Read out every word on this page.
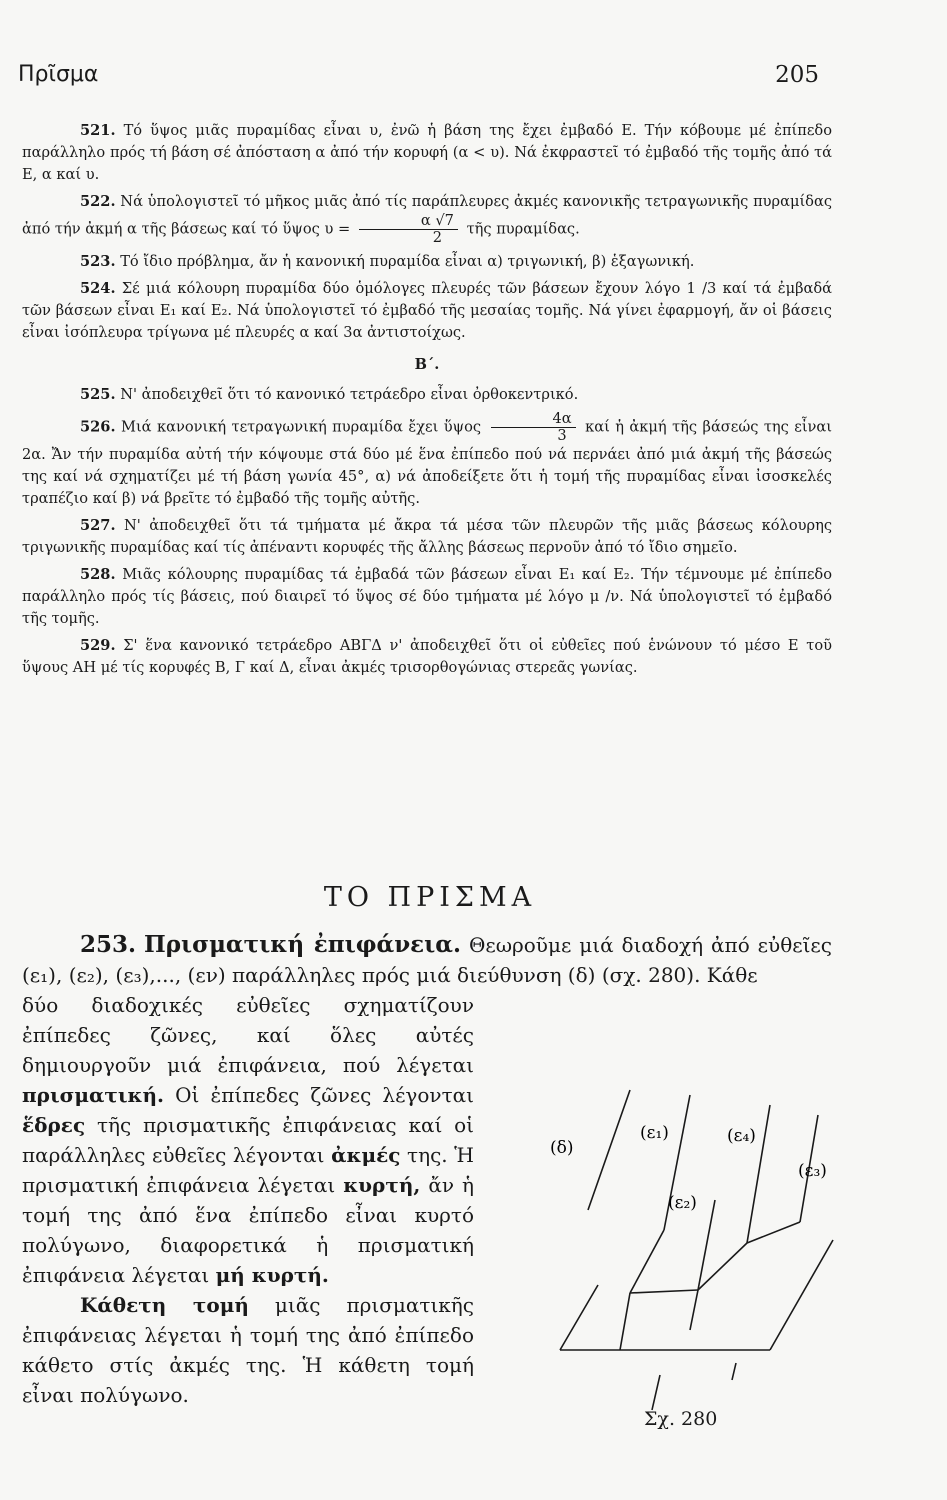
Πρῖσμα	205

521. Τό ὕψος μιᾶς πυραμίδας εἶναι υ, ἐνῶ ἡ βάση της ἔχει ἐμβαδό Ε. Τήν κόβουμε μέ ἐπίπεδο παράλληλο πρός τή βάση σέ ἀπόσταση α ἀπό τήν κορυφή (α < υ). Νά ἐκφραστεῖ τό ἐμβαδό τῆς τομῆς ἀπό τά Ε, α καί υ.

522. Νά ὑπολογιστεῖ τό μῆκος μιᾶς ἀπό τίς παράπλευρες ἀκμές κανονικῆς τετραγωνικῆς πυραμίδας ἀπό τήν ἀκμή α τῆς βάσεως καί τό ὕψος $\upsilon = \frac{\alpha √7}{2}$ τῆς πυραμίδας.

523. Τό ἴδιο πρόβλημα, ἄν ἡ κανονική πυραμίδα εἶναι α) τριγωνική, β) ἑξαγωνική.

524. Σέ μιά κόλουρη πυραμίδα δύο ὁμόλογες πλευρές τῶν βάσεων ἔχουν λόγο 1 /3 καί τά ἐμβαδά τῶν βάσεων εἶναι Ε₁ καί Ε₂. Νά ὑπολογιστεῖ τό ἐμβαδό τῆς μεσαίας τομῆς. Νά γίνει ἐφαρμογή, ἄν οἱ βάσεις εἶναι ἰσόπλευρα τρίγωνα μέ πλευρές α καί 3α ἀντιστοίχως.

Β΄.

525. Ν' ἀποδειχθεῖ ὅτι τό κανονικό τετράεδρο εἶναι ὀρθοκεντρικό.

526. Μιά κανονική τετραγωνική πυραμίδα ἔχει ὕψος $\frac{4\alpha}{3}$ καί ἡ ἀκμή τῆς βάσεώς της εἶναι 2α. Ἄν τήν πυραμίδα αὐτή τήν κόψουμε στά δύο μέ ἕνα ἐπίπεδο πού νά περνάει ἀπό μιά ἀκμή τῆς βάσεώς της καί νά σχηματίζει μέ τή βάση γωνία 45°, α) νά ἀποδείξετε ὅτι ἡ τομή τῆς πυραμίδας εἶναι ἰσοσκελές τραπέζιο καί β) νά βρεῖτε τό ἐμβαδό τῆς τομῆς αὐτῆς.

527. Ν' ἀποδειχθεῖ ὅτι τά τμήματα μέ ἄκρα τά μέσα τῶν πλευρῶν τῆς μιᾶς βάσεως κόλουρης τριγωνικῆς πυραμίδας καί τίς ἀπέναντι κορυφές τῆς ἄλλης βάσεως περνοῦν ἀπό τό ἴδιο σημεῖο.

528. Μιᾶς κόλουρης πυραμίδας τά ἐμβαδά τῶν βάσεων εἶναι Ε₁ καί Ε₂. Τήν τέμνουμε μέ ἐπίπεδο παράλληλο πρός τίς βάσεις, πού διαιρεῖ τό ὕψος σέ δύο τμήματα μέ λόγο μ /ν. Νά ὑπολογιστεῖ τό ἐμβαδό τῆς τομῆς.

529. Σ' ἕνα κανονικό τετράεδρο ΑΒΓΔ ν' ἀποδειχθεῖ ὅτι οἱ εὐθεῖες πού ἑνώνουν τό μέσο Ε τοῦ ὕψους ΑΗ μέ τίς κορυφές Β, Γ καί Δ, εἶναι ἀκμές τρισορθογώνιας στερεᾶς γωνίας.

ΤΟ ΠΡΙΣΜΑ

253. Πρισματική ἐπιφάνεια. Θεωροῦμε μιά διαδοχή ἀπό εὐθεῖες (ε₁), (ε₂), (ε₃),..., (εν) παράλληλες πρός μιά διεύθυνση (δ) (σχ. 280). Κάθε

δύο διαδοχικές εὐθεῖες σχηματίζουν ἐπίπεδες ζῶνες, καί ὅλες αὐτές δημιουργοῦν μιά ἐπιφάνεια, πού λέγεται πρισματική. Οἱ ἐπίπεδες ζῶνες λέγονται ἕδρες τῆς πρισματικῆς ἐπιφάνειας καί οἱ παράλληλες εὐθεῖες λέγονται ἀκμές της. Ἡ πρισματική ἐπιφάνεια λέγεται κυρτή, ἄν ἡ τομή της ἀπό ἕνα ἐπίπεδο εἶναι κυρτό πολύγωνο, διαφορετικά ἡ πρισματική ἐπιφάνεια λέγεται μή κυρτή.

Κάθετη τομή μιᾶς πρισματικῆς ἐπιφάνειας λέγεται ἡ τομή της ἀπό ἐπίπεδο κάθετο στίς ἀκμές της. Ἡ κάθετη τομή εἶναι πολύγωνο.

(δ)
(ε₁)	(ε₄)
(ε₃)
(ε₂)
Σχ. 280
